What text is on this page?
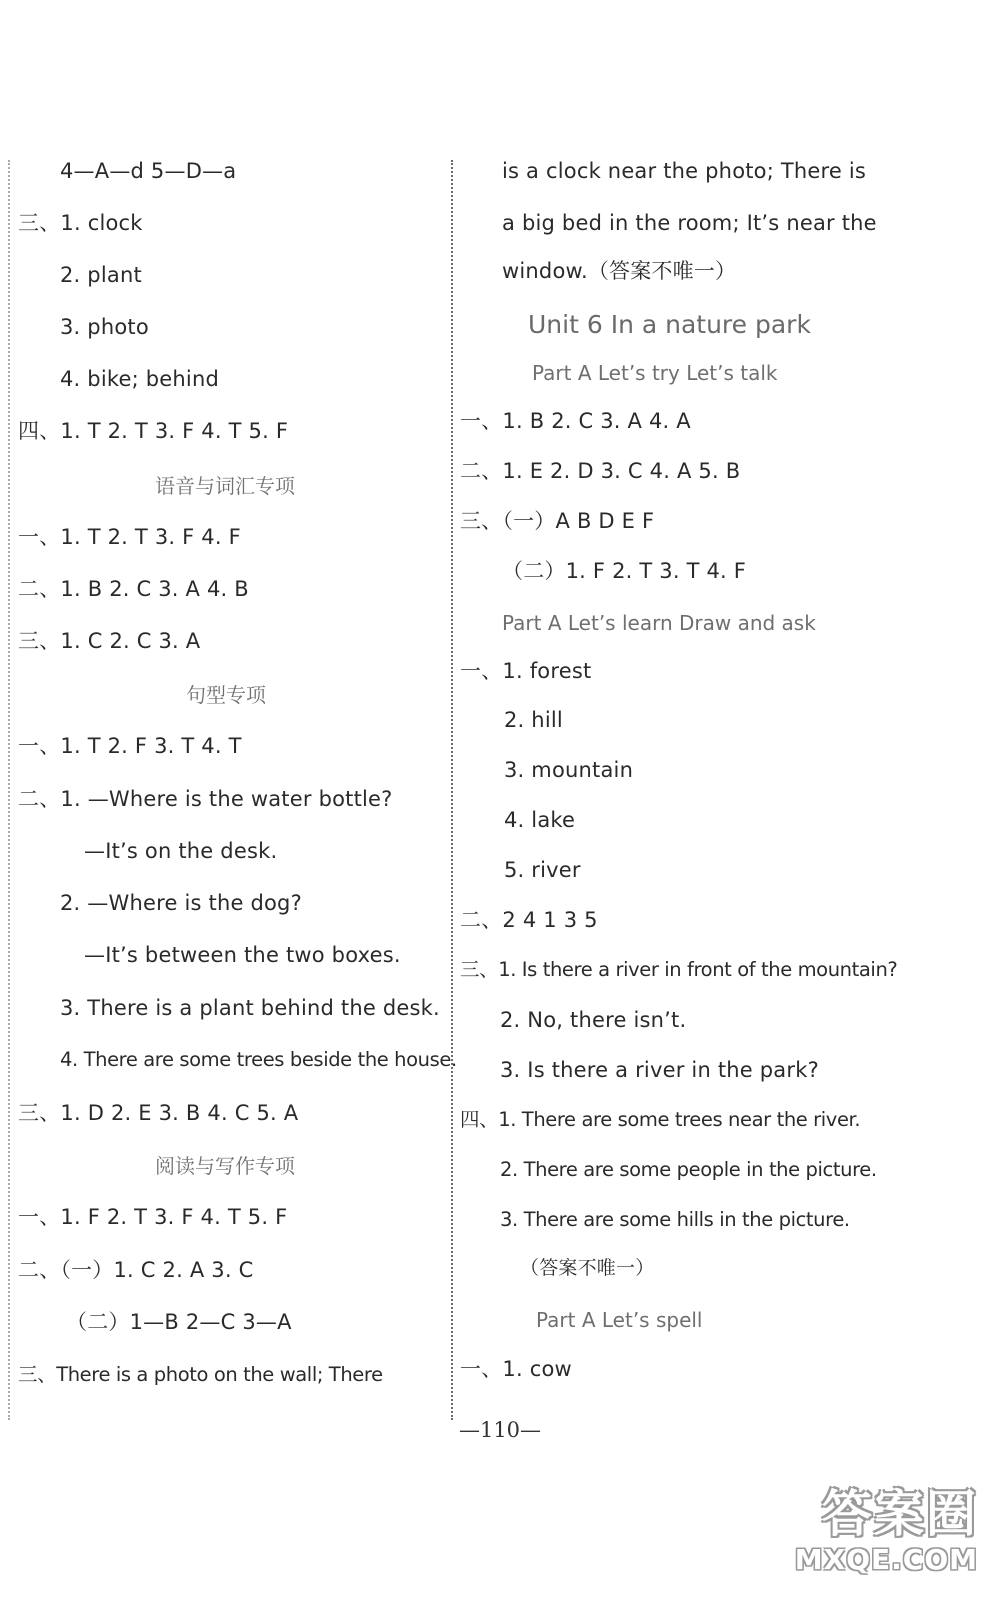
4—A—d 5—D—a
三、1. clock
2. plant
3. photo
4. bike; behind
四、1. T 2. T 3. F 4. T 5. F
语音与词汇专项
一、1. T 2. T 3. F 4. F
二、1. B 2. C 3. A 4. B
三、1. C 2. C 3. A
句型专项
一、1. T 2. F 3. T 4. T
二、1. —Where is the water bottle?
—It’s on the desk.
2. —Where is the dog?
—It’s between the two boxes.
3. There is a plant behind the desk.
4. There are some trees beside the house.
三、1. D 2. E 3. B 4. C 5. A
阅读与写作专项
一、1. F 2. T 3. F 4. T 5. F
二、（一）1. C 2. A 3. C
（二）1—B 2—C 3—A
三、There is a photo on the wall; There
is a clock near the photo; There is
a big bed in the room; It’s near the
window.（答案不唯一）
Unit 6 In a nature park
Part A Let’s try Let’s talk
一、1. B 2. C 3. A 4. A
二、1. E 2. D 3. C 4. A 5. B
三、（一）A B D E F
（二）1. F 2. T 3. T 4. F
Part A Let’s learn Draw and ask
一、1. forest
2. hill
3. mountain
4. lake
5. river
二、2 4 1 3 5
三、1. Is there a river in front of the mountain?
2. No, there isn’t.
3. Is there a river in the park?
四、1. There are some trees near the river.
2. There are some people in the picture.
3. There are some hills in the picture.
（答案不唯一）
Part A Let’s spell
一、1. cow
—110—
答案圈
MXQE.COM
